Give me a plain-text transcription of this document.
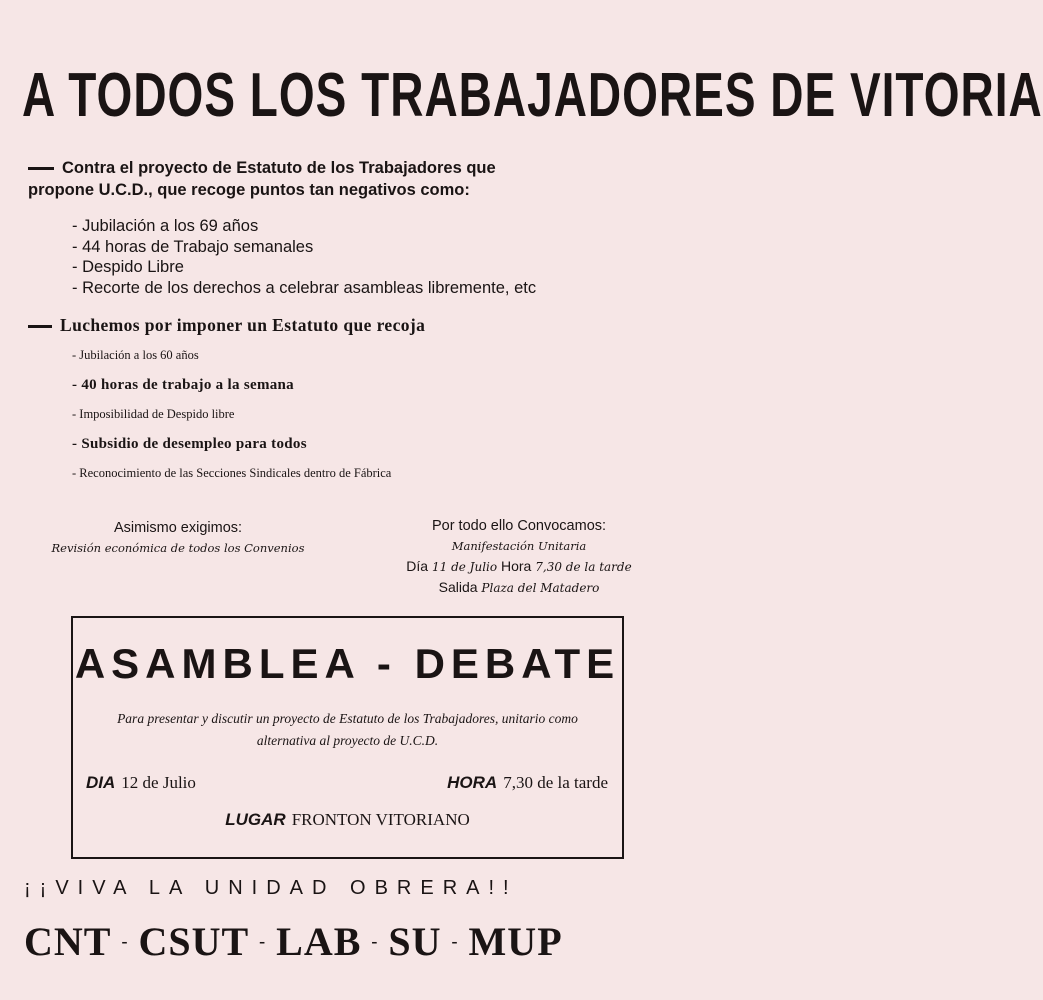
A TODOS LOS TRABAJADORES DE VITORIA
Contra el proyecto de Estatuto de los Trabajadores que
propone U.C.D., que recoge puntos tan negativos como:
- Jubilación a los 69 años
- 44 horas de Trabajo semanales
- Despido Libre
- Recorte de los derechos a celebrar asambleas libremente, etc
Luchemos por imponer un Estatuto que recoja
- Jubilación a los 60 años
- 40 horas de trabajo a la semana
- Imposibilidad de Despido libre
- Subsidio de desempleo para todos
- Reconocimiento de las Secciones Sindicales dentro de Fábrica
Asimismo exigimos:
Revisión económica de todos los Convenios
Por todo ello Convocamos:
Manifestación Unitaria
Día 11 de Julio Hora 7,30 de la tarde
Salida Plaza del Matadero
ASAMBLEA - DEBATE
Para presentar y discutir un proyecto de Estatuto de los Trabajadores, unitario como alternativa al proyecto de U.C.D.
DIA 12 de Julio	HORA 7,30 de la tarde
LUGAR FRONTON VITORIANO
¡¡VIVA LA UNIDAD OBRERA!!
CNT - CSUT - LAB - SU - MUP
